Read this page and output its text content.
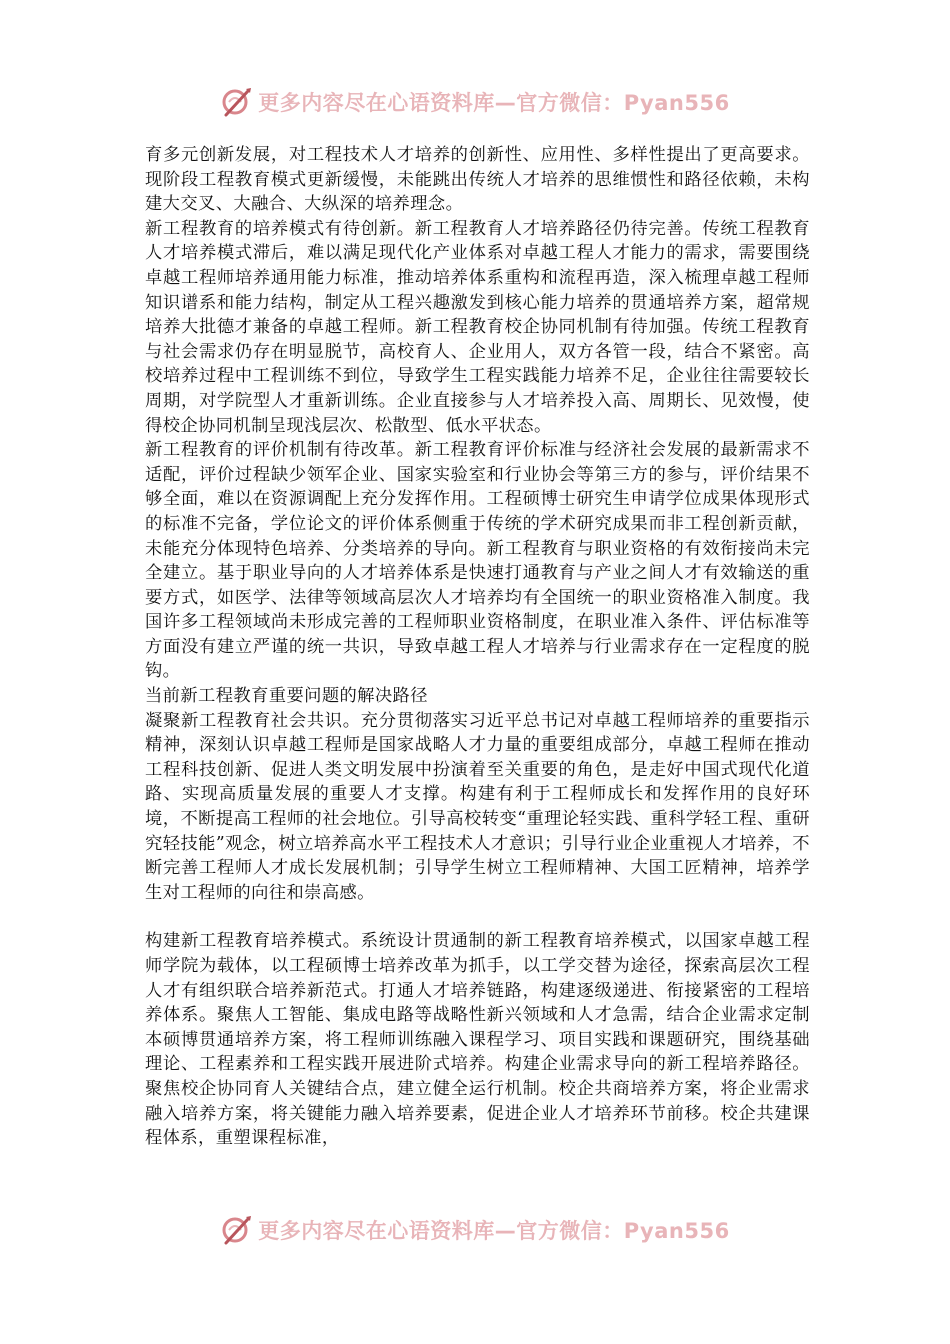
更多内容尽在心语资料库—官方微信：Pyan556

育多元创新发展，对工程技术人才培养的创新性、应用性、多样性提出了更高要求。现阶段工程教育模式更新缓慢，未能跳出传统人才培养的思维惯性和路径依赖，未构建大交叉、大融合、大纵深的培养理念。

新工程教育的培养模式有待创新。新工程教育人才培养路径仍待完善。传统工程教育人才培养模式滞后，难以满足现代化产业体系对卓越工程人才能力的需求，需要围绕卓越工程师培养通用能力标准，推动培养体系重构和流程再造，深入梳理卓越工程师知识谱系和能力结构，制定从工程兴趣激发到核心能力培养的贯通培养方案，超常规培养大批德才兼备的卓越工程师。新工程教育校企协同机制有待加强。传统工程教育与社会需求仍存在明显脱节，高校育人、企业用人，双方各管一段，结合不紧密。高校培养过程中工程训练不到位，导致学生工程实践能力培养不足，企业往往需要较长周期，对学院型人才重新训练。企业直接参与人才培养投入高、周期长、见效慢，使得校企协同机制呈现浅层次、松散型、低水平状态。

新工程教育的评价机制有待改革。新工程教育评价标准与经济社会发展的最新需求不适配，评价过程缺少领军企业、国家实验室和行业协会等第三方的参与，评价结果不够全面，难以在资源调配上充分发挥作用。工程硕博士研究生申请学位成果体现形式的标准不完备，学位论文的评价体系侧重于传统的学术研究成果而非工程创新贡献，未能充分体现特色培养、分类培养的导向。新工程教育与职业资格的有效衔接尚未完全建立。基于职业导向的人才培养体系是快速打通教育与产业之间人才有效输送的重要方式，如医学、法律等领域高层次人才培养均有全国统一的职业资格准入制度。我国许多工程领域尚未形成完善的工程师职业资格制度，在职业准入条件、评估标准等方面没有建立严谨的统一共识，导致卓越工程人才培养与行业需求存在一定程度的脱钩。

当前新工程教育重要问题的解决路径

凝聚新工程教育社会共识。充分贯彻落实习近平总书记对卓越工程师培养的重要指示精神，深刻认识卓越工程师是国家战略人才力量的重要组成部分，卓越工程师在推动工程科技创新、促进人类文明发展中扮演着至关重要的角色，是走好中国式现代化道路、实现高质量发展的重要人才支撑。构建有利于工程师成长和发挥作用的良好环境，不断提高工程师的社会地位。引导高校转变“重理论轻实践、重科学轻工程、重研究轻技能”观念，树立培养高水平工程技术人才意识；引导行业企业重视人才培养，不断完善工程师人才成长发展机制；引导学生树立工程师精神、大国工匠精神，培养学生对工程师的向往和崇高感。

构建新工程教育培养模式。系统设计贯通制的新工程教育培养模式，以国家卓越工程师学院为载体，以工程硕博士培养改革为抓手，以工学交替为途径，探索高层次工程人才有组织联合培养新范式。打通人才培养链路，构建逐级递进、衔接紧密的工程培养体系。聚焦人工智能、集成电路等战略性新兴领域和人才急需，结合企业需求定制本硕博贯通培养方案，将工程师训练融入课程学习、项目实践和课题研究，围绕基础理论、工程素养和工程实践开展进阶式培养。构建企业需求导向的新工程培养路径。聚焦校企协同育人关键结合点，建立健全运行机制。校企共商培养方案，将企业需求融入培养方案，将关键能力融入培养要素，促进企业人才培养环节前移。校企共建课程体系，重塑课程标准，

更多内容尽在心语资料库—官方微信：Pyan556
